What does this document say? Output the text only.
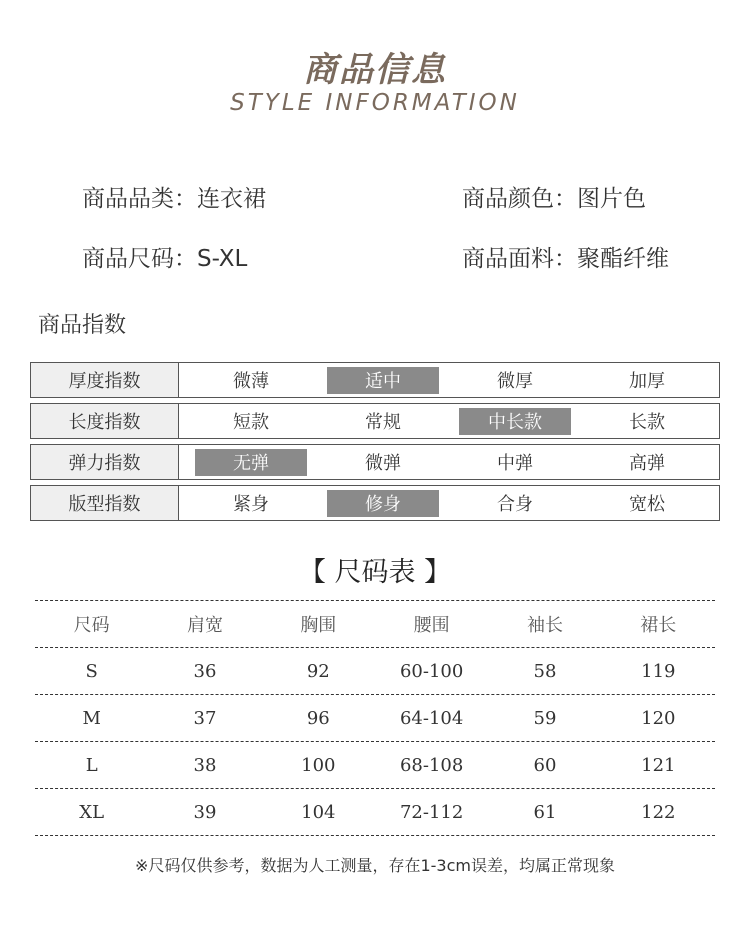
商品信息
STYLE INFORMATION
商品品类：连衣裙	商品颜色：图片色
商品尺码：S-XL	商品面料：聚酯纤维
商品指数
厚度指数	微薄	适中	微厚	加厚
长度指数	短款	常规	中长款	长款
弹力指数	无弹	微弹	中弹	高弹
版型指数	紧身	修身	合身	宽松
【 尺码表 】
尺码	肩宽	胸围	腰围	袖长	裙长
S	36	92	60-100	58	119
M	37	96	64-104	59	120
L	38	100	68-108	60	121
XL	39	104	72-112	61	122
※尺码仅供参考，数据为人工测量，存在1-3cm误差，均属正常现象
